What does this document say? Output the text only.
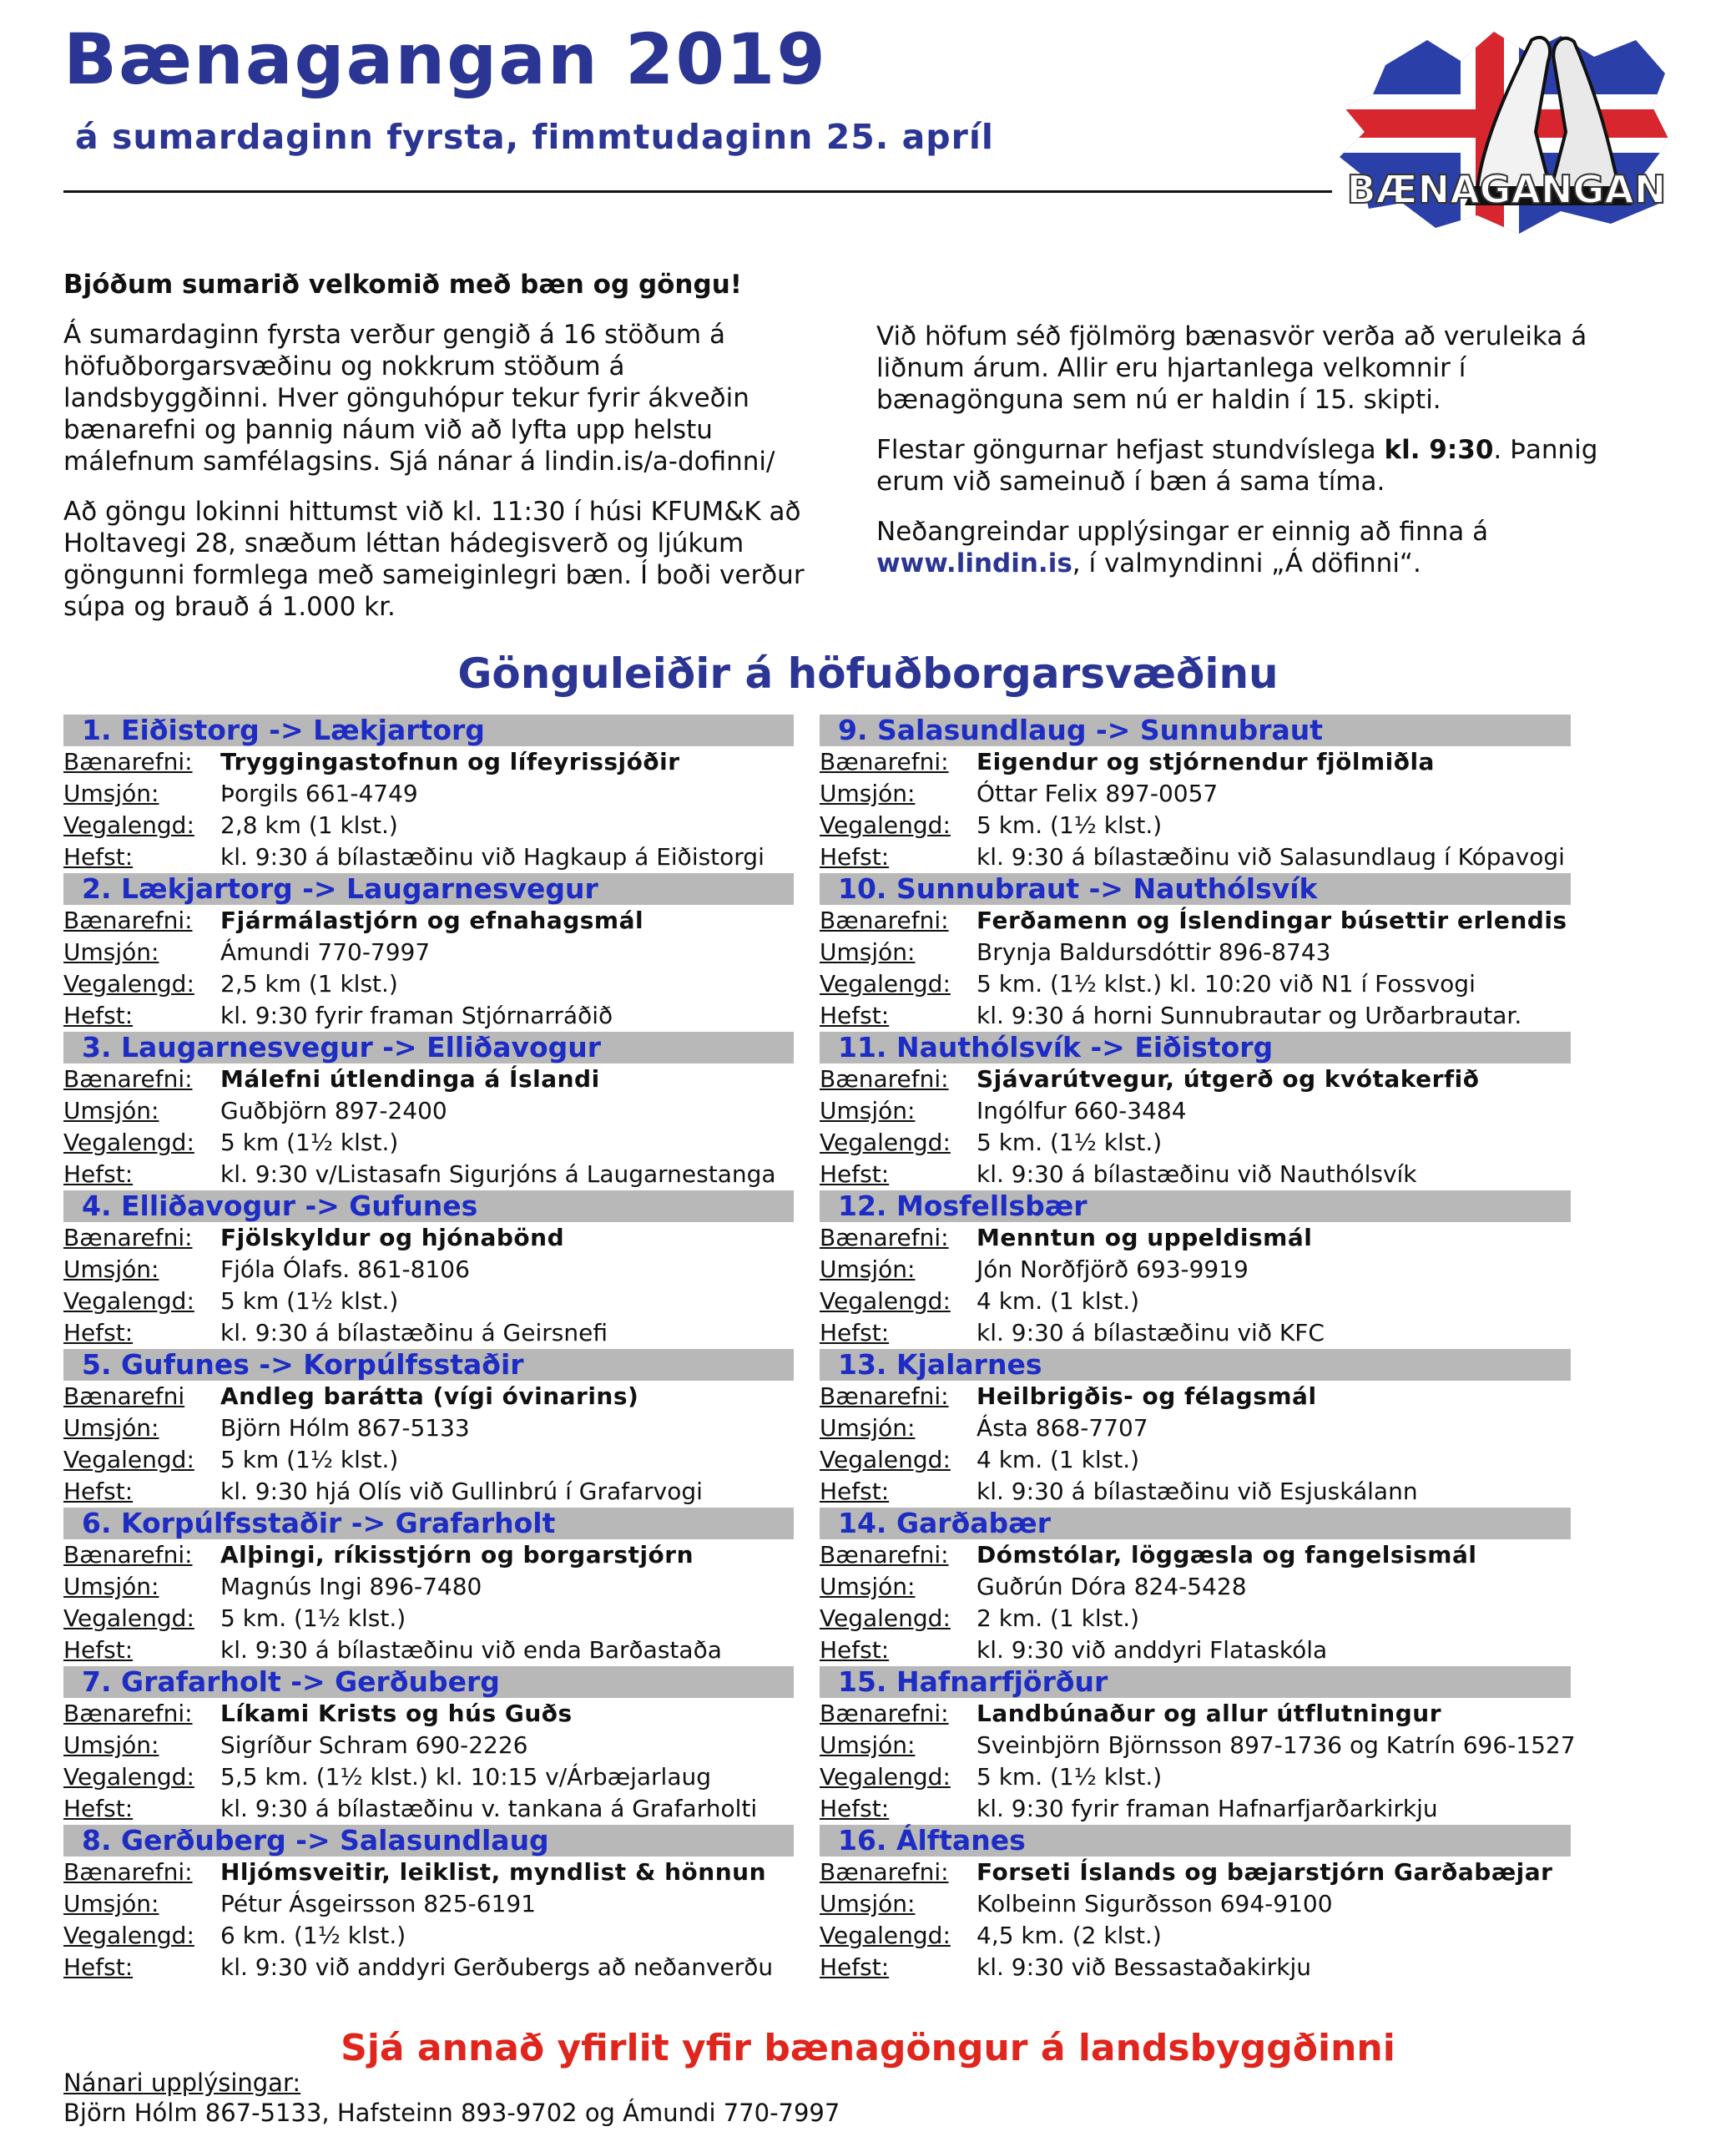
Bænagangan 2019
á sumardaginn fyrsta, fimmtudaginn 25. apríl
BÆNAGANGAN

Bjóðum sumarið velkomið með bæn og göngu!

Á sumardaginn fyrsta verður gengið á 16 stöðum á höfuðborgarsvæðinu og nokkrum stöðum á landsbyggðinni. Hver gönguhópur tekur fyrir ákveðin bænarefni og þannig náum við að lyfta upp helstu málefnum samfélagsins. Sjá nánar á lindin.is/a-dofinni/

Að göngu lokinni hittumst við kl. 11:30 í húsi KFUM&K að Holtavegi 28, snæðum léttan hádegisverð og ljúkum göngunni formlega með sameiginlegri bæn. Í boði verður súpa og brauð á 1.000 kr.

Við höfum séð fjölmörg bænasvör verða að veruleika á liðnum árum. Allir eru hjartanlega velkomnir í bænagönguna sem nú er haldin í 15. skipti.

Flestar göngurnar hefjast stundvíslega kl. 9:30. Þannig erum við sameinuð í bæn á sama tíma.

Neðangreindar upplýsingar er einnig að finna á www.lindin.is, í valmyndinni „Á döfinni“.

Gönguleiðir á höfuðborgarsvæðinu
1. Eiðistorg -> Lækjartorg
Bænarefni:	Tryggingastofnun og lífeyrissjóðir
Umsjón:	Þorgils 661-4749
Vegalengd:	2,8 km (1 klst.)
Hefst:	kl. 9:30 á bílastæðinu við Hagkaup á Eiðistorgi
2. Lækjartorg -> Laugarnesvegur
Bænarefni:	Fjármálastjórn og efnahagsmál
Umsjón:	Ámundi 770-7997
Vegalengd:	2,5 km (1 klst.)
Hefst:	kl. 9:30 fyrir framan Stjórnarráðið
3. Laugarnesvegur -> Elliðavogur
Bænarefni:	Málefni útlendinga á Íslandi
Umsjón:	Guðbjörn 897-2400
Vegalengd:	5 km (1½ klst.)
Hefst:	kl. 9:30 v/Listasafn Sigurjóns á Laugarnestanga
4. Elliðavogur -> Gufunes
Bænarefni:	Fjölskyldur og hjónabönd
Umsjón:	Fjóla Ólafs. 861-8106
Vegalengd:	5 km (1½ klst.)
Hefst:	kl. 9:30 á bílastæðinu á Geirsnefi
5. Gufunes -> Korpúlfsstaðir
Bænarefni	Andleg barátta (vígi óvinarins)
Umsjón:	Björn Hólm 867-5133
Vegalengd:	5 km (1½ klst.)
Hefst:	kl. 9:30 hjá Olís við Gullinbrú í Grafarvogi
6. Korpúlfsstaðir -> Grafarholt
Bænarefni:	Alþingi, ríkisstjórn og borgarstjórn
Umsjón:	Magnús Ingi 896-7480
Vegalengd:	5 km. (1½ klst.)
Hefst:	kl. 9:30 á bílastæðinu við enda Barðastaða
7. Grafarholt -> Gerðuberg
Bænarefni:	Líkami Krists og hús Guðs
Umsjón:	Sigríður Schram 690-2226
Vegalengd:	5,5 km. (1½ klst.) kl. 10:15 v/Árbæjarlaug
Hefst:	kl. 9:30 á bílastæðinu v. tankana á Grafarholti
8. Gerðuberg -> Salasundlaug
Bænarefni:	Hljómsveitir, leiklist, myndlist & hönnun
Umsjón:	Pétur Ásgeirsson 825-6191
Vegalengd:	6 km. (1½ klst.)
Hefst:	kl. 9:30 við anddyri Gerðubergs að neðanverðu
9. Salasundlaug -> Sunnubraut
Bænarefni:	Eigendur og stjórnendur fjölmiðla
Umsjón:	Óttar Felix 897-0057
Vegalengd:	5 km. (1½ klst.)
Hefst:	kl. 9:30 á bílastæðinu við Salasundlaug í Kópavogi
10. Sunnubraut -> Nauthólsvík
Bænarefni:	Ferðamenn og Íslendingar búsettir erlendis
Umsjón:	Brynja Baldursdóttir 896-8743
Vegalengd:	5 km. (1½ klst.) kl. 10:20 við N1 í Fossvogi
Hefst:	kl. 9:30 á horni Sunnubrautar og Urðarbrautar.
11. Nauthólsvík -> Eiðistorg
Bænarefni:	Sjávarútvegur, útgerð og kvótakerfið
Umsjón:	Ingólfur 660-3484
Vegalengd:	5 km. (1½ klst.)
Hefst:	kl. 9:30 á bílastæðinu við Nauthólsvík
12. Mosfellsbær
Bænarefni:	Menntun og uppeldismál
Umsjón:	Jón Norðfjörð 693-9919
Vegalengd:	4 km. (1 klst.)
Hefst:	kl. 9:30 á bílastæðinu við KFC
13. Kjalarnes
Bænarefni:	Heilbrigðis- og félagsmál
Umsjón:	Ásta 868-7707
Vegalengd:	4 km. (1 klst.)
Hefst:	kl. 9:30 á bílastæðinu við Esjuskálann
14. Garðabær
Bænarefni:	Dómstólar, löggæsla og fangelsismál
Umsjón:	Guðrún Dóra 824-5428
Vegalengd:	2 km. (1 klst.)
Hefst:	kl. 9:30 við anddyri Flataskóla
15. Hafnarfjörður
Bænarefni:	Landbúnaður og allur útflutningur
Umsjón:	Sveinbjörn Björnsson 897-1736 og Katrín 696-1527
Vegalengd:	5 km. (1½ klst.)
Hefst:	kl. 9:30 fyrir framan Hafnarfjarðarkirkju
16. Álftanes
Bænarefni:	Forseti Íslands og bæjarstjórn Garðabæjar
Umsjón:	Kolbeinn Sigurðsson 694-9100
Vegalengd:	4,5 km. (2 klst.)
Hefst:	kl. 9:30 við Bessastaðakirkju
Sjá annað yfirlit yfir bænagöngur á landsbyggðinni
Nánari upplýsingar:
Björn Hólm 867-5133, Hafsteinn 893-9702 og Ámundi 770-7997
